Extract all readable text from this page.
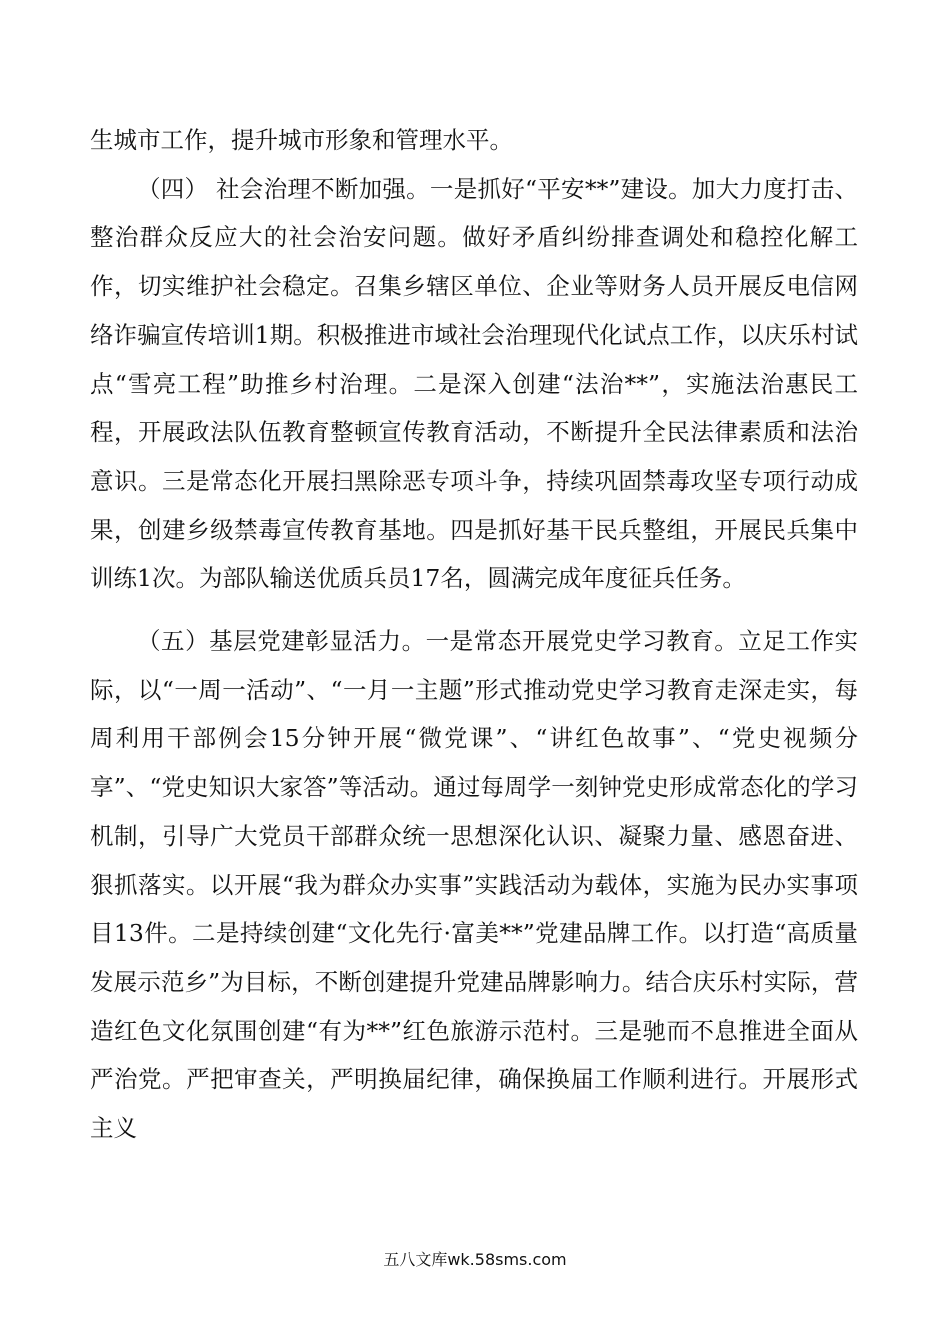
生城市工作，提升城市形象和管理水平。

（四） 社会治理不断加强。一是抓好“平安**”建设。加大力度打击、整治群众反应大的社会治安问题。做好矛盾纠纷排查调处和稳控化解工作，切实维护社会稳定。召集乡辖区单位、企业等财务人员开展反电信网络诈骗宣传培训1期。积极推进市域社会治理现代化试点工作，以庆乐村试点“雪亮工程”助推乡村治理。二是深入创建“法治**”，实施法治惠民工程，开展政法队伍教育整顿宣传教育活动，不断提升全民法律素质和法治意识。三是常态化开展扫黑除恶专项斗争，持续巩固禁毒攻坚专项行动成果，创建乡级禁毒宣传教育基地。四是抓好基干民兵整组，开展民兵集中训练1次。为部队输送优质兵员17名，圆满完成年度征兵任务。

（五）基层党建彰显活力。一是常态开展党史学习教育。立足工作实际，以“一周一活动”、“一月一主题”形式推动党史学习教育走深走实，每周利用干部例会15分钟开展“微党课”、“讲红色故事”、“党史视频分享”、“党史知识大家答”等活动。通过每周学一刻钟党史形成常态化的学习机制，引导广大党员干部群众统一思想深化认识、凝聚力量、感恩奋进、狠抓落实。以开展“我为群众办实事”实践活动为载体，实施为民办实事项目13件。二是持续创建“文化先行·富美**”党建品牌工作。以打造“高质量发展示范乡”为目标，不断创建提升党建品牌影响力。结合庆乐村实际，营造红色文化氛围创建“有为**”红色旅游示范村。三是驰而不息推进全面从严治党。严把审查关，严明换届纪律，确保换届工作顺利进行。开展形式主义

五八文库wk.58sms.com
